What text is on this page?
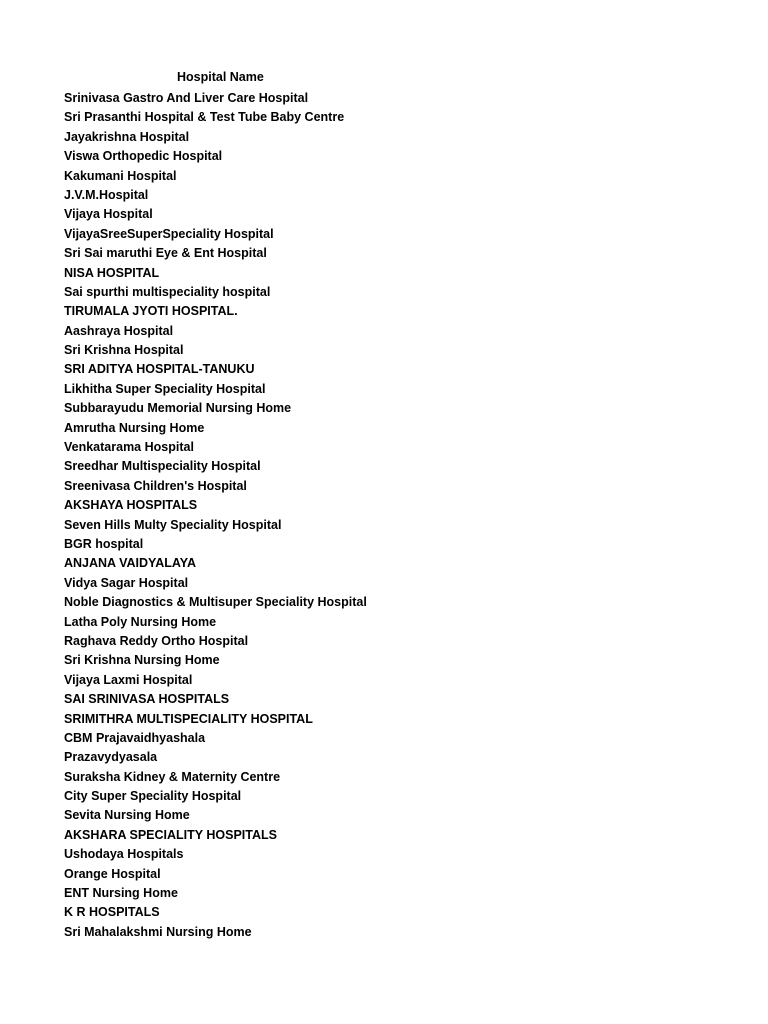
Hospital Name
Srinivasa Gastro And Liver Care Hospital
Sri Prasanthi Hospital & Test Tube Baby Centre
Jayakrishna Hospital
Viswa Orthopedic Hospital
Kakumani Hospital
J.V.M.Hospital
Vijaya Hospital
VijayaSreeSuperSpeciality Hospital
Sri Sai maruthi Eye & Ent Hospital
NISA HOSPITAL
Sai spurthi multispeciality hospital
TIRUMALA JYOTI HOSPITAL.
Aashraya Hospital
Sri Krishna Hospital
SRI ADITYA HOSPITAL-TANUKU
Likhitha Super Speciality Hospital
Subbarayudu Memorial Nursing Home
Amrutha Nursing Home
Venkatarama Hospital
Sreedhar Multispeciality Hospital
Sreenivasa Children's Hospital
AKSHAYA HOSPITALS
Seven Hills Multy Speciality Hospital
BGR hospital
ANJANA VAIDYALAYA
Vidya Sagar Hospital
Noble Diagnostics & Multisuper Speciality Hospital
Latha Poly Nursing Home
Raghava Reddy Ortho Hospital
Sri Krishna Nursing Home
Vijaya Laxmi Hospital
SAI SRINIVASA HOSPITALS
SRIMITHRA MULTISPECIALITY HOSPITAL
CBM Prajavaidhyashala
Prazavydyasala
Suraksha Kidney & Maternity Centre
City Super Speciality Hospital
Sevita Nursing Home
AKSHARA SPECIALITY HOSPITALS
Ushodaya Hospitals
Orange Hospital
ENT Nursing Home
K R HOSPITALS
Sri Mahalakshmi Nursing Home
